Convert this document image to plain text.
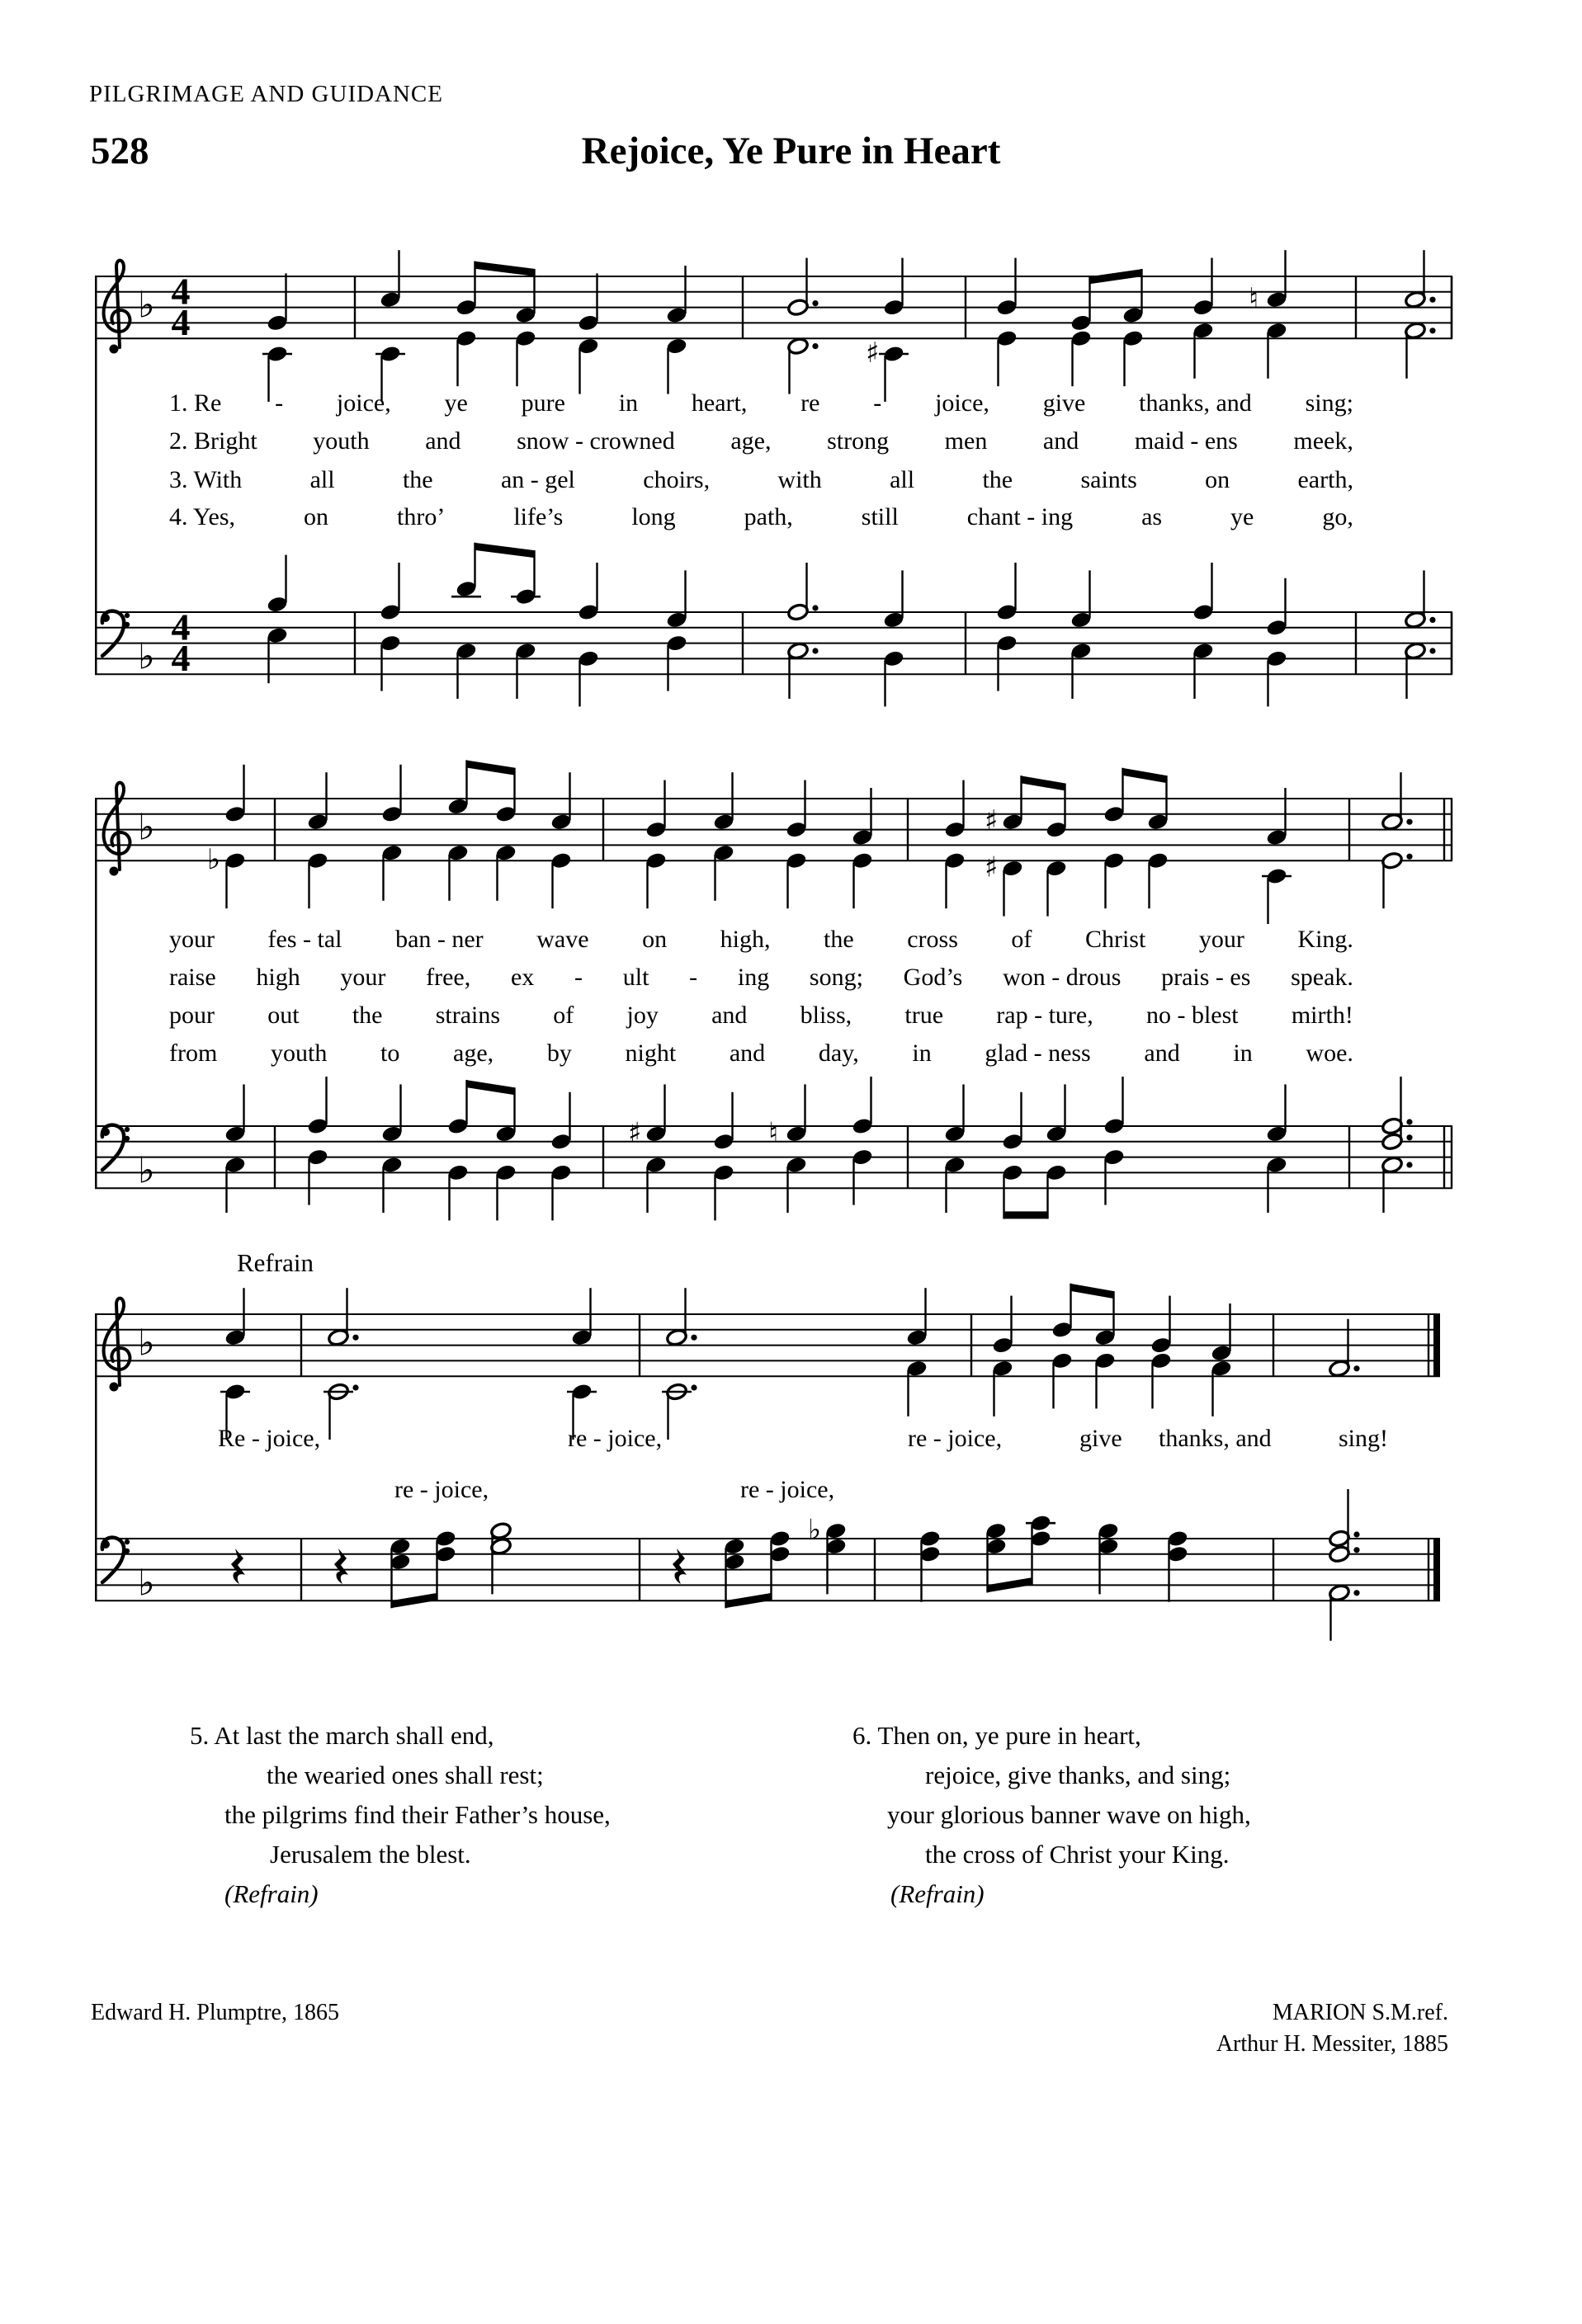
PILGRIMAGE AND GUIDANCE
528	Rejoice, Ye Pure in Heart
1. Re - joice, ye pure in heart, re - joice, give thanks, and sing;
2. Bright youth and snow - crowned age, strong men and maid - ens meek,
3. With	all	the	an - gel	choirs,	with	all	the	saints	on	earth,
4. Yes,	on	thro’	life’s	long	path,	still	chant - ing	as	ye	go,
your fes - tal ban - ner wave on high, the cross of Christ your King.
raise high your free, ex - ult - ing song; God’s won - drous prais - es speak.
pour out the strains of joy and bliss, true rap - ture, no - blest mirth!
from youth to age, by night and day, in glad - ness and in woe.
Refrain
Re - joice,	re - joice,	re - joice,	give thanks, and	sing!
re - joice,	re - joice,
5. At last the march shall end,
the wearied ones shall rest;
the pilgrims find their Father’s house,
Jerusalem the blest.
(Refrain)
6. Then on, ye pure in heart,
rejoice, give thanks, and sing;
your glorious banner wave on high,
the cross of Christ your King.
(Refrain)
Edward H. Plumptre, 1865	MARION S.M.ref.
Arthur H. Messiter, 1885
♭ 4
4
♯
♮
♭
4
4
♭
♭
♯
♯
♭
♯	♮
♭
♭
♭
